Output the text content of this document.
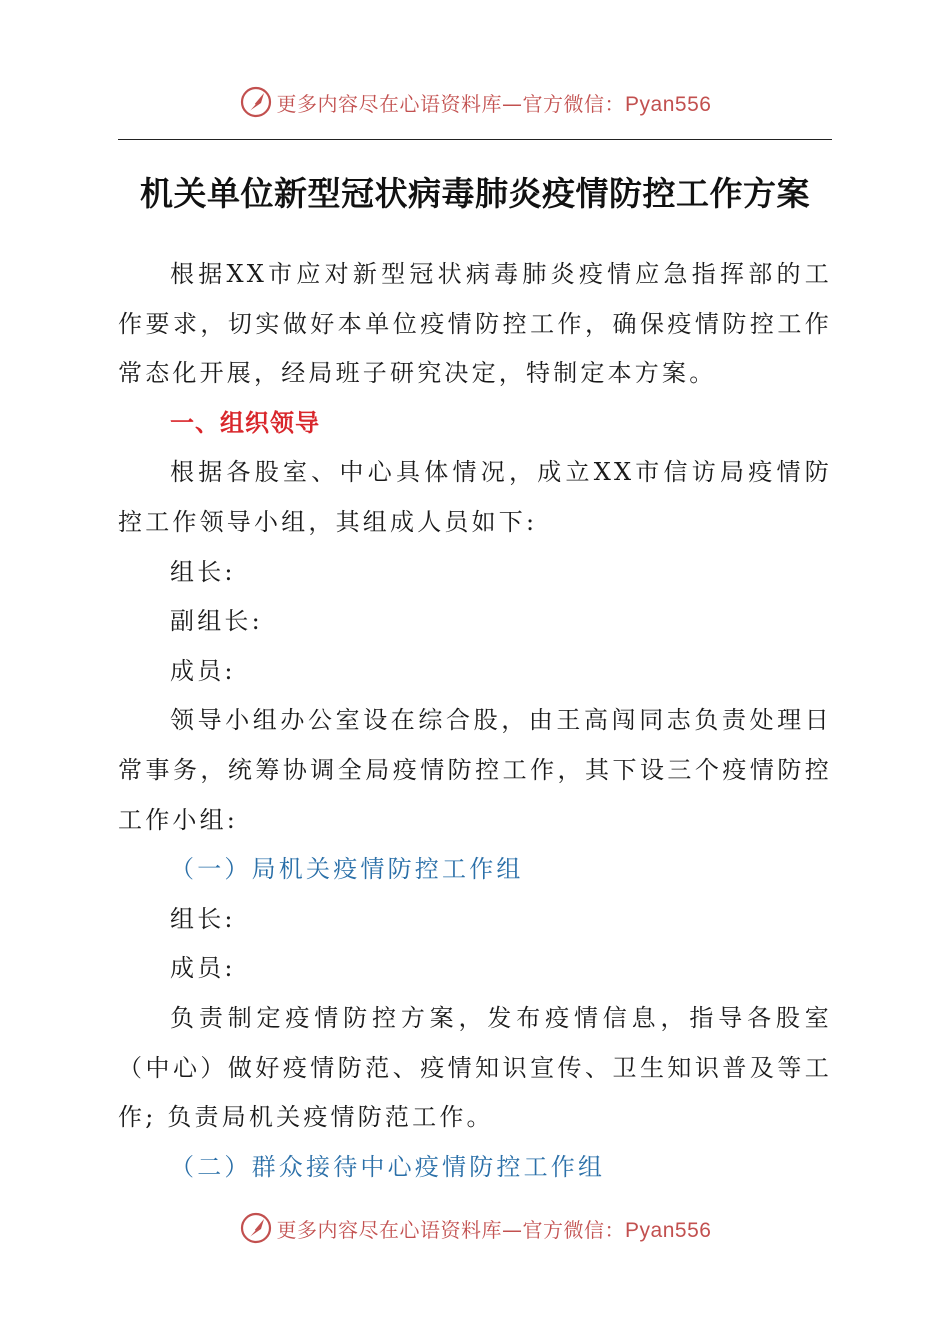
更多内容尽在心语资料库—官方微信：Pyan556
机关单位新型冠状病毒肺炎疫情防控工作方案

根据XX市应对新型冠状病毒肺炎疫情应急指挥部的工作要求，切实做好本单位疫情防控工作，确保疫情防控工作常态化开展，经局班子研究决定，特制定本方案。

一、组织领导

根据各股室、中心具体情况，成立XX市信访局疫情防控工作领导小组，其组成人员如下:

组长:

副组长:

成员:

领导小组办公室设在综合股，由王高闯同志负责处理日常事务，统筹协调全局疫情防控工作，其下设三个疫情防控工作小组:

（一）局机关疫情防控工作组

组长:

成员:

负责制定疫情防控方案，发布疫情信息，指导各股室（中心）做好疫情防范、疫情知识宣传、卫生知识普及等工作; 负责局机关疫情防范工作。

（二）群众接待中心疫情防控工作组

更多内容尽在心语资料库—官方微信：Pyan556
